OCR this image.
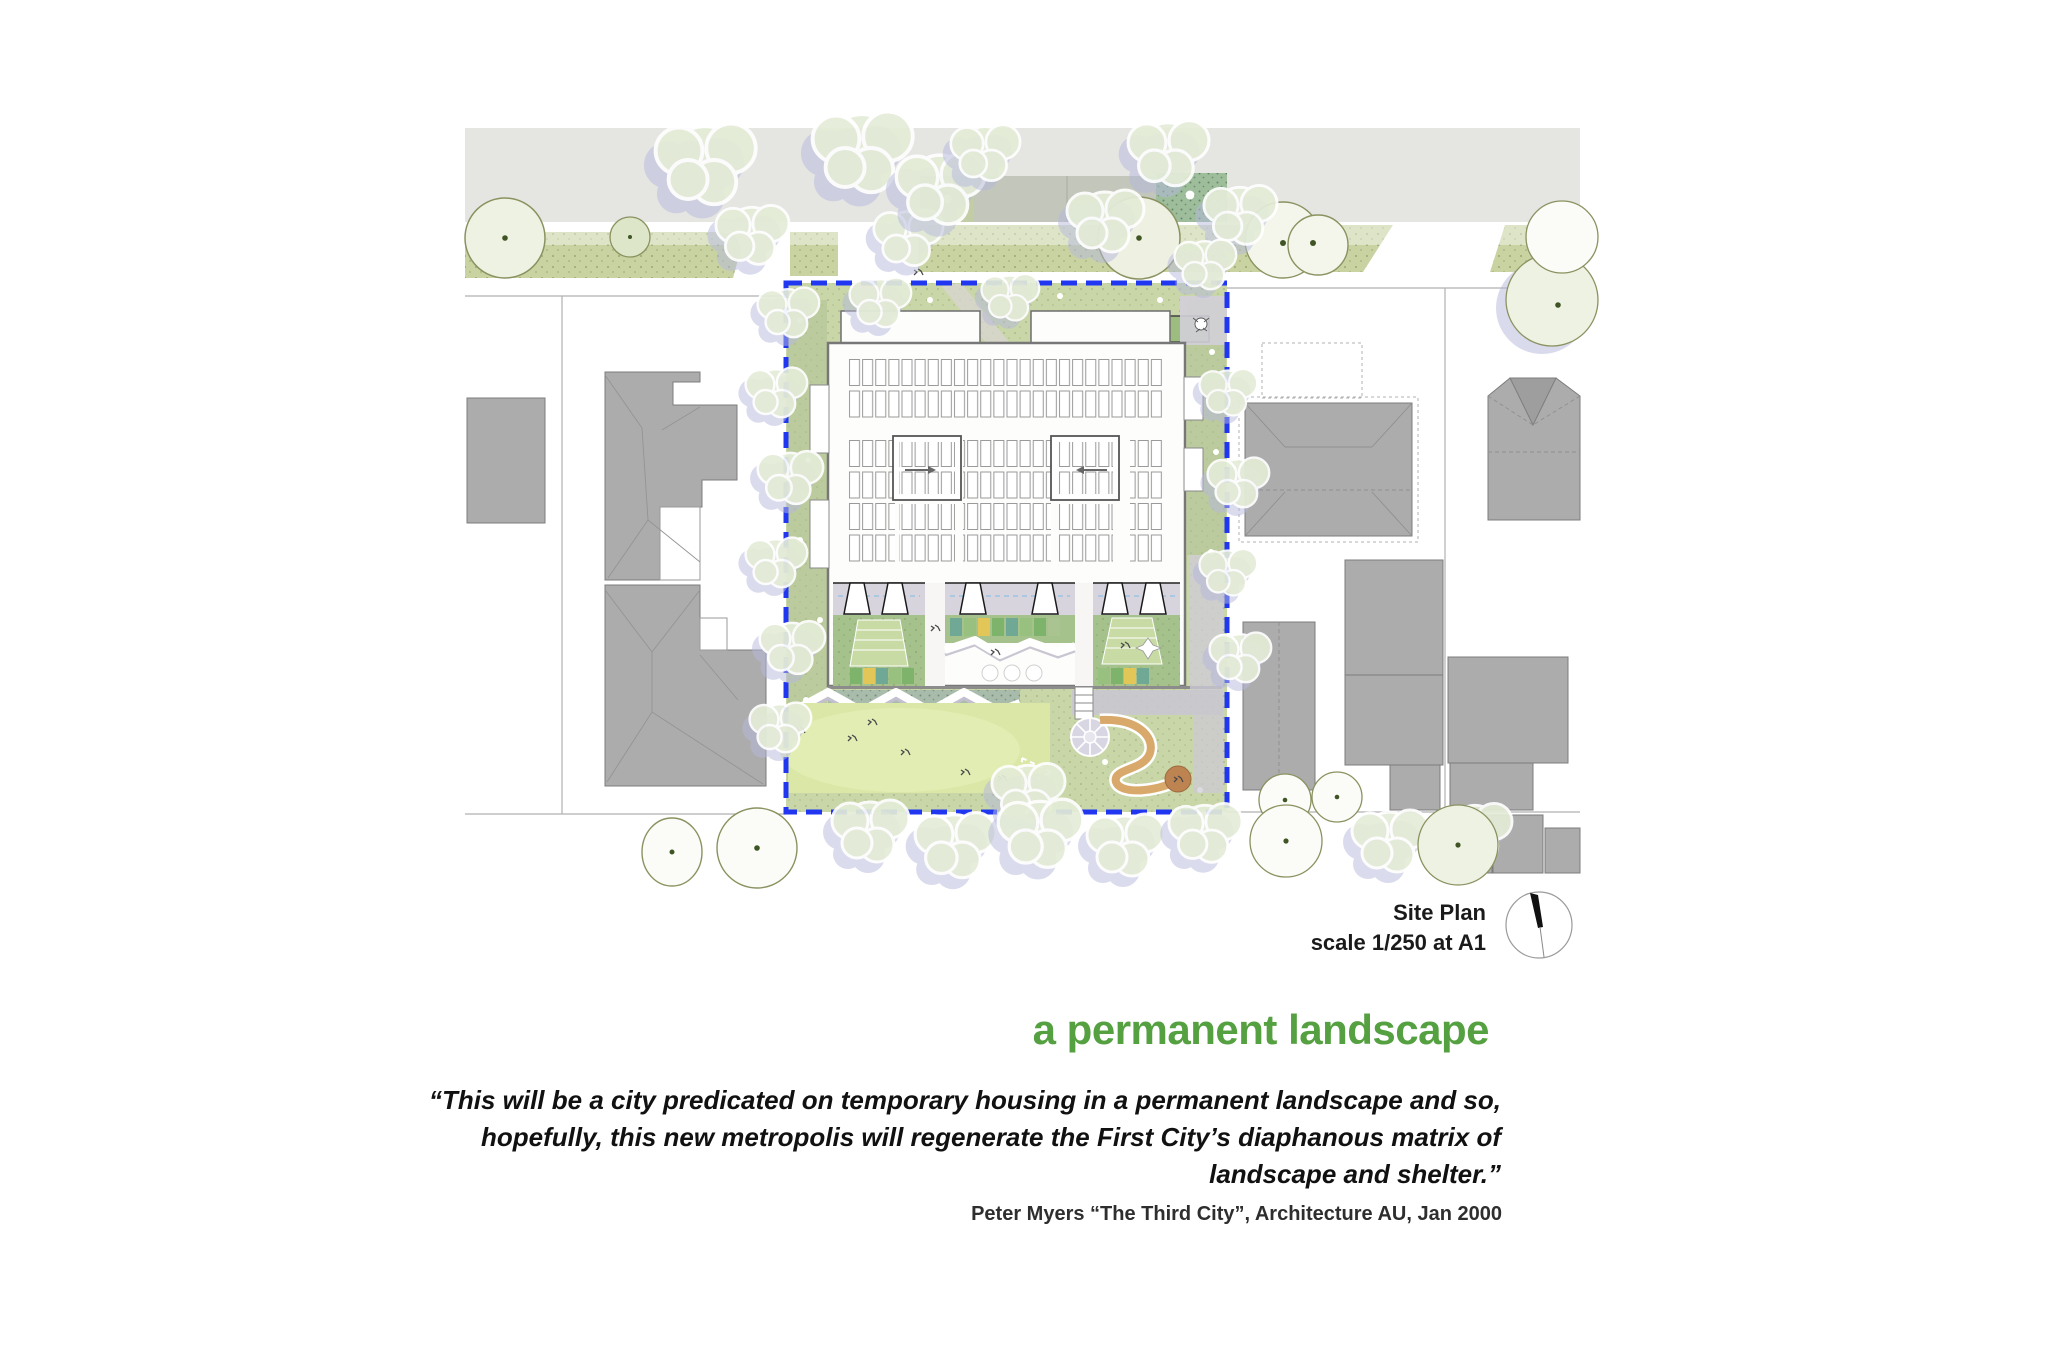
Site Plan
scale 1/250 at A1
a permanent landscape
“This will be a city predicated on temporary housing in a permanent landscape and so,
hopefully, this new metropolis will regenerate the First City’s diaphanous matrix of
landscape and shelter.”
Peter Myers “The Third City”, Architecture AU, Jan 2000
